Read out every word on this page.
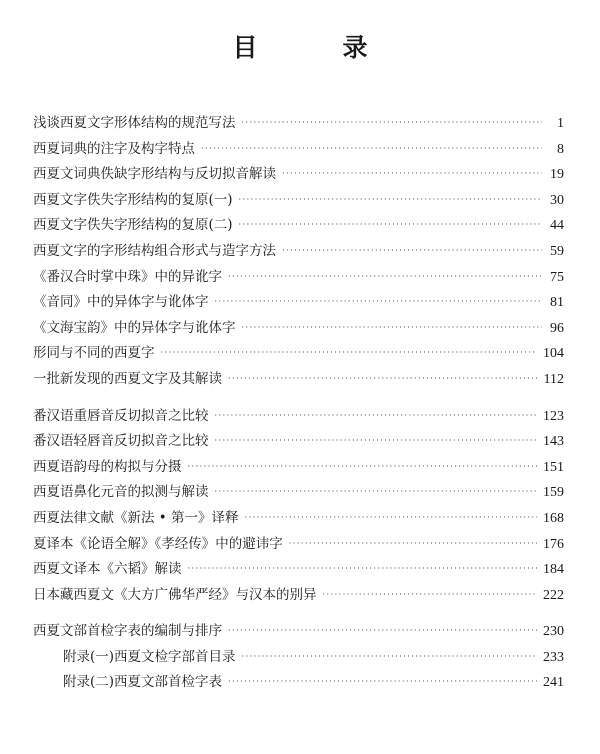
目　录
浅谈西夏文字形体结构的规范写法 ·····	1
西夏词典的注字及构字特点 ·····	8
西夏文词典佚缺字形结构与反切拟音解读 ·····	19
西夏文字佚失字形结构的复原(一) ·····	30
西夏文字佚失字形结构的复原(二) ·····	44
西夏文字的字形结构组合形式与造字方法 ·····	59
《番汉合时掌中珠》中的异讹字 ·····	75
《音同》中的异体字与讹体字 ·····	81
《文海宝韵》中的异体字与讹体字 ·····	96
形同与不同的西夏字 ·····	104
一批新发现的西夏文字及其解读 ·····	112
番汉语重唇音反切拟音之比较 ·····	123
番汉语轻唇音反切拟音之比较 ·····	143
西夏语韵母的构拟与分摄 ·····	151
西夏语鼻化元音的拟测与解读 ·····	159
西夏法律文献《新法 • 第一》译释 ·····	168
夏译本《论语全解》《孝经传》中的避讳字 ·····	176
西夏文译本《六韬》解读 ·····	184
日本藏西夏文《大方广佛华严经》与汉本的别异 ·····	222
西夏文部首检字表的编制与排序 ·····	230
附录(一)西夏文检字部首目录 ·····	233
附录(二)西夏文部首检字表 ·····	241
